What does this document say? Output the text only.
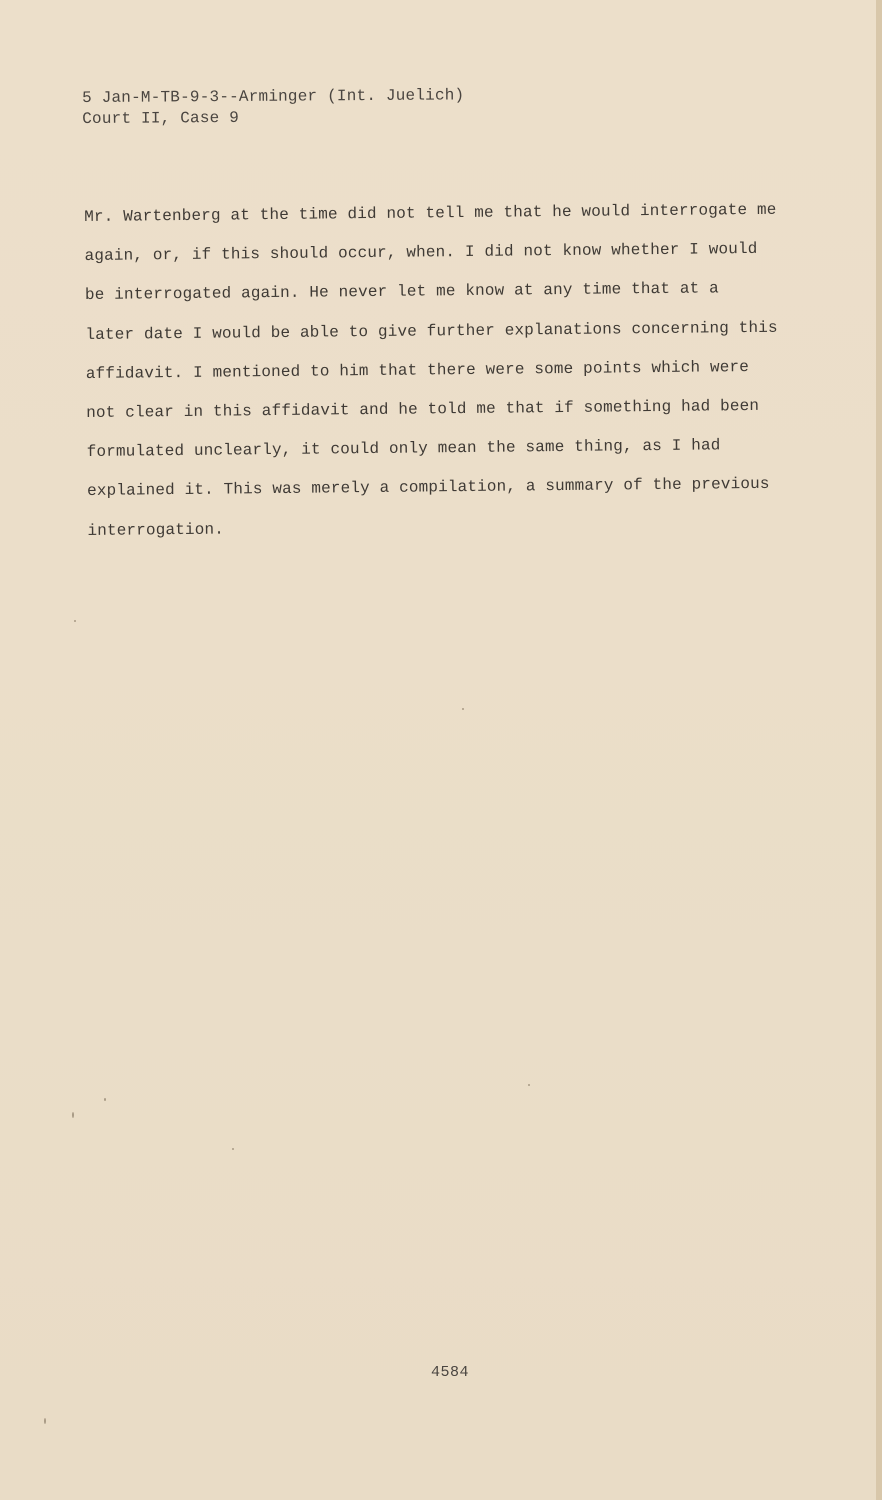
5 Jan-M-TB-9-3--Arminger (Int. Juelich)
Court II, Case 9
Mr. Wartenberg at the time did not tell me that he would interrogate me
again, or, if this should occur, when. I did not know whether I would
be interrogated again. He never let me know at any time that at a
later date I would be able to give further explanations concerning this
affidavit. I mentioned to him that there were some points which were
not clear in this affidavit and he told me that if something had been
formulated unclearly, it could only mean the same thing, as I had
explained it. This was merely a compilation, a summary of the previous
interrogation.
4584
